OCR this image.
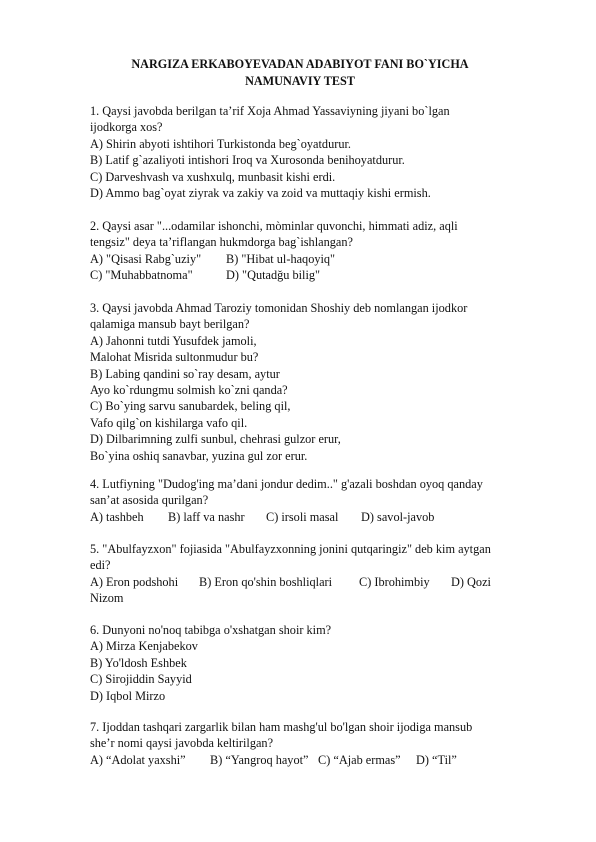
NARGIZA ERKABOYEVADAN ADABIYOT FANI BO`YICHA
NAMUNAVIY TEST
1. Qaysi javobda berilgan ta’rif Xoja Ahmad Yassaviyning jiyani bo`lgan
ijodkorga xos?
A) Shirin abyoti ishtihori Turkistonda beg`oyatdurur.
B) Latif g`azaliyoti intishori Iroq va Xurosonda benihoyatdurur.
C) Darveshvash va xushxulq, munbasit kishi erdi.
D) Ammo bag`oyat ziyrak va zakiy va zoid va muttaqiy kishi ermish.
2. Qaysi asar "...odamilar ishonchi, mòminlar quvonchi, himmati adiz, aqli
tengsiz" deya ta’riflangan hukmdorga bag`ishlangan?
A) "Qisasi Rabg`uziy" B) "Hibat ul-haqoyiq"
C) "Muhabbatnoma"	D) "Qutadğu bilig"
3. Qaysi javobda Ahmad Taroziy tomonidan Shoshiy deb nomlangan ijodkor
qalamiga mansub bayt berilgan?
A) Jahonni tutdi Yusufdek jamoli,
Malohat Misrida sultonmudur bu?
B) Labing qandini so`ray desam, aytur
Ayo ko`rdungmu solmish ko`zni qanda?
C) Bo`ying sarvu sanubardek, beling qil,
Vafo qilg`on kishilarga vafo qil.
D) Dilbarimning zulfi sunbul, chehrasi gulzor erur,
Bo`yina oshiq sanavbar, yuzina gul zor erur.
4. Lutfiyning "Dudog'ing ma’dani jondur dedim.." g'azali boshdan oyoq qanday
san’at asosida qurilgan?
A) tashbeh B) laff va nashr C) irsoli masal D) savol-javob
5. "Abulfayzxon" fojiasida "Abulfayzxonning jonini qutqaringiz" deb kim aytgan
edi?
A) Eron podshohi B) Eron qo'shin boshliqlari C) Ibrohimbiy D) Qozi
Nizom
6. Dunyoni no'noq tabibga o'xshatgan shoir kim?
A) Mirza Kenjabekov
B) Yo'ldosh Eshbek
C) Sirojiddin Sayyid
D) Iqbol Mirzo
7. Ijoddan tashqari zargarlik bilan ham mashg'ul bo'lgan shoir ijodiga mansub
she’r nomi qaysi javobda keltirilgan?
A) “Adolat yaxshi” B) “Yangroq hayot” C) “Ajab ermas” D) “Til”
